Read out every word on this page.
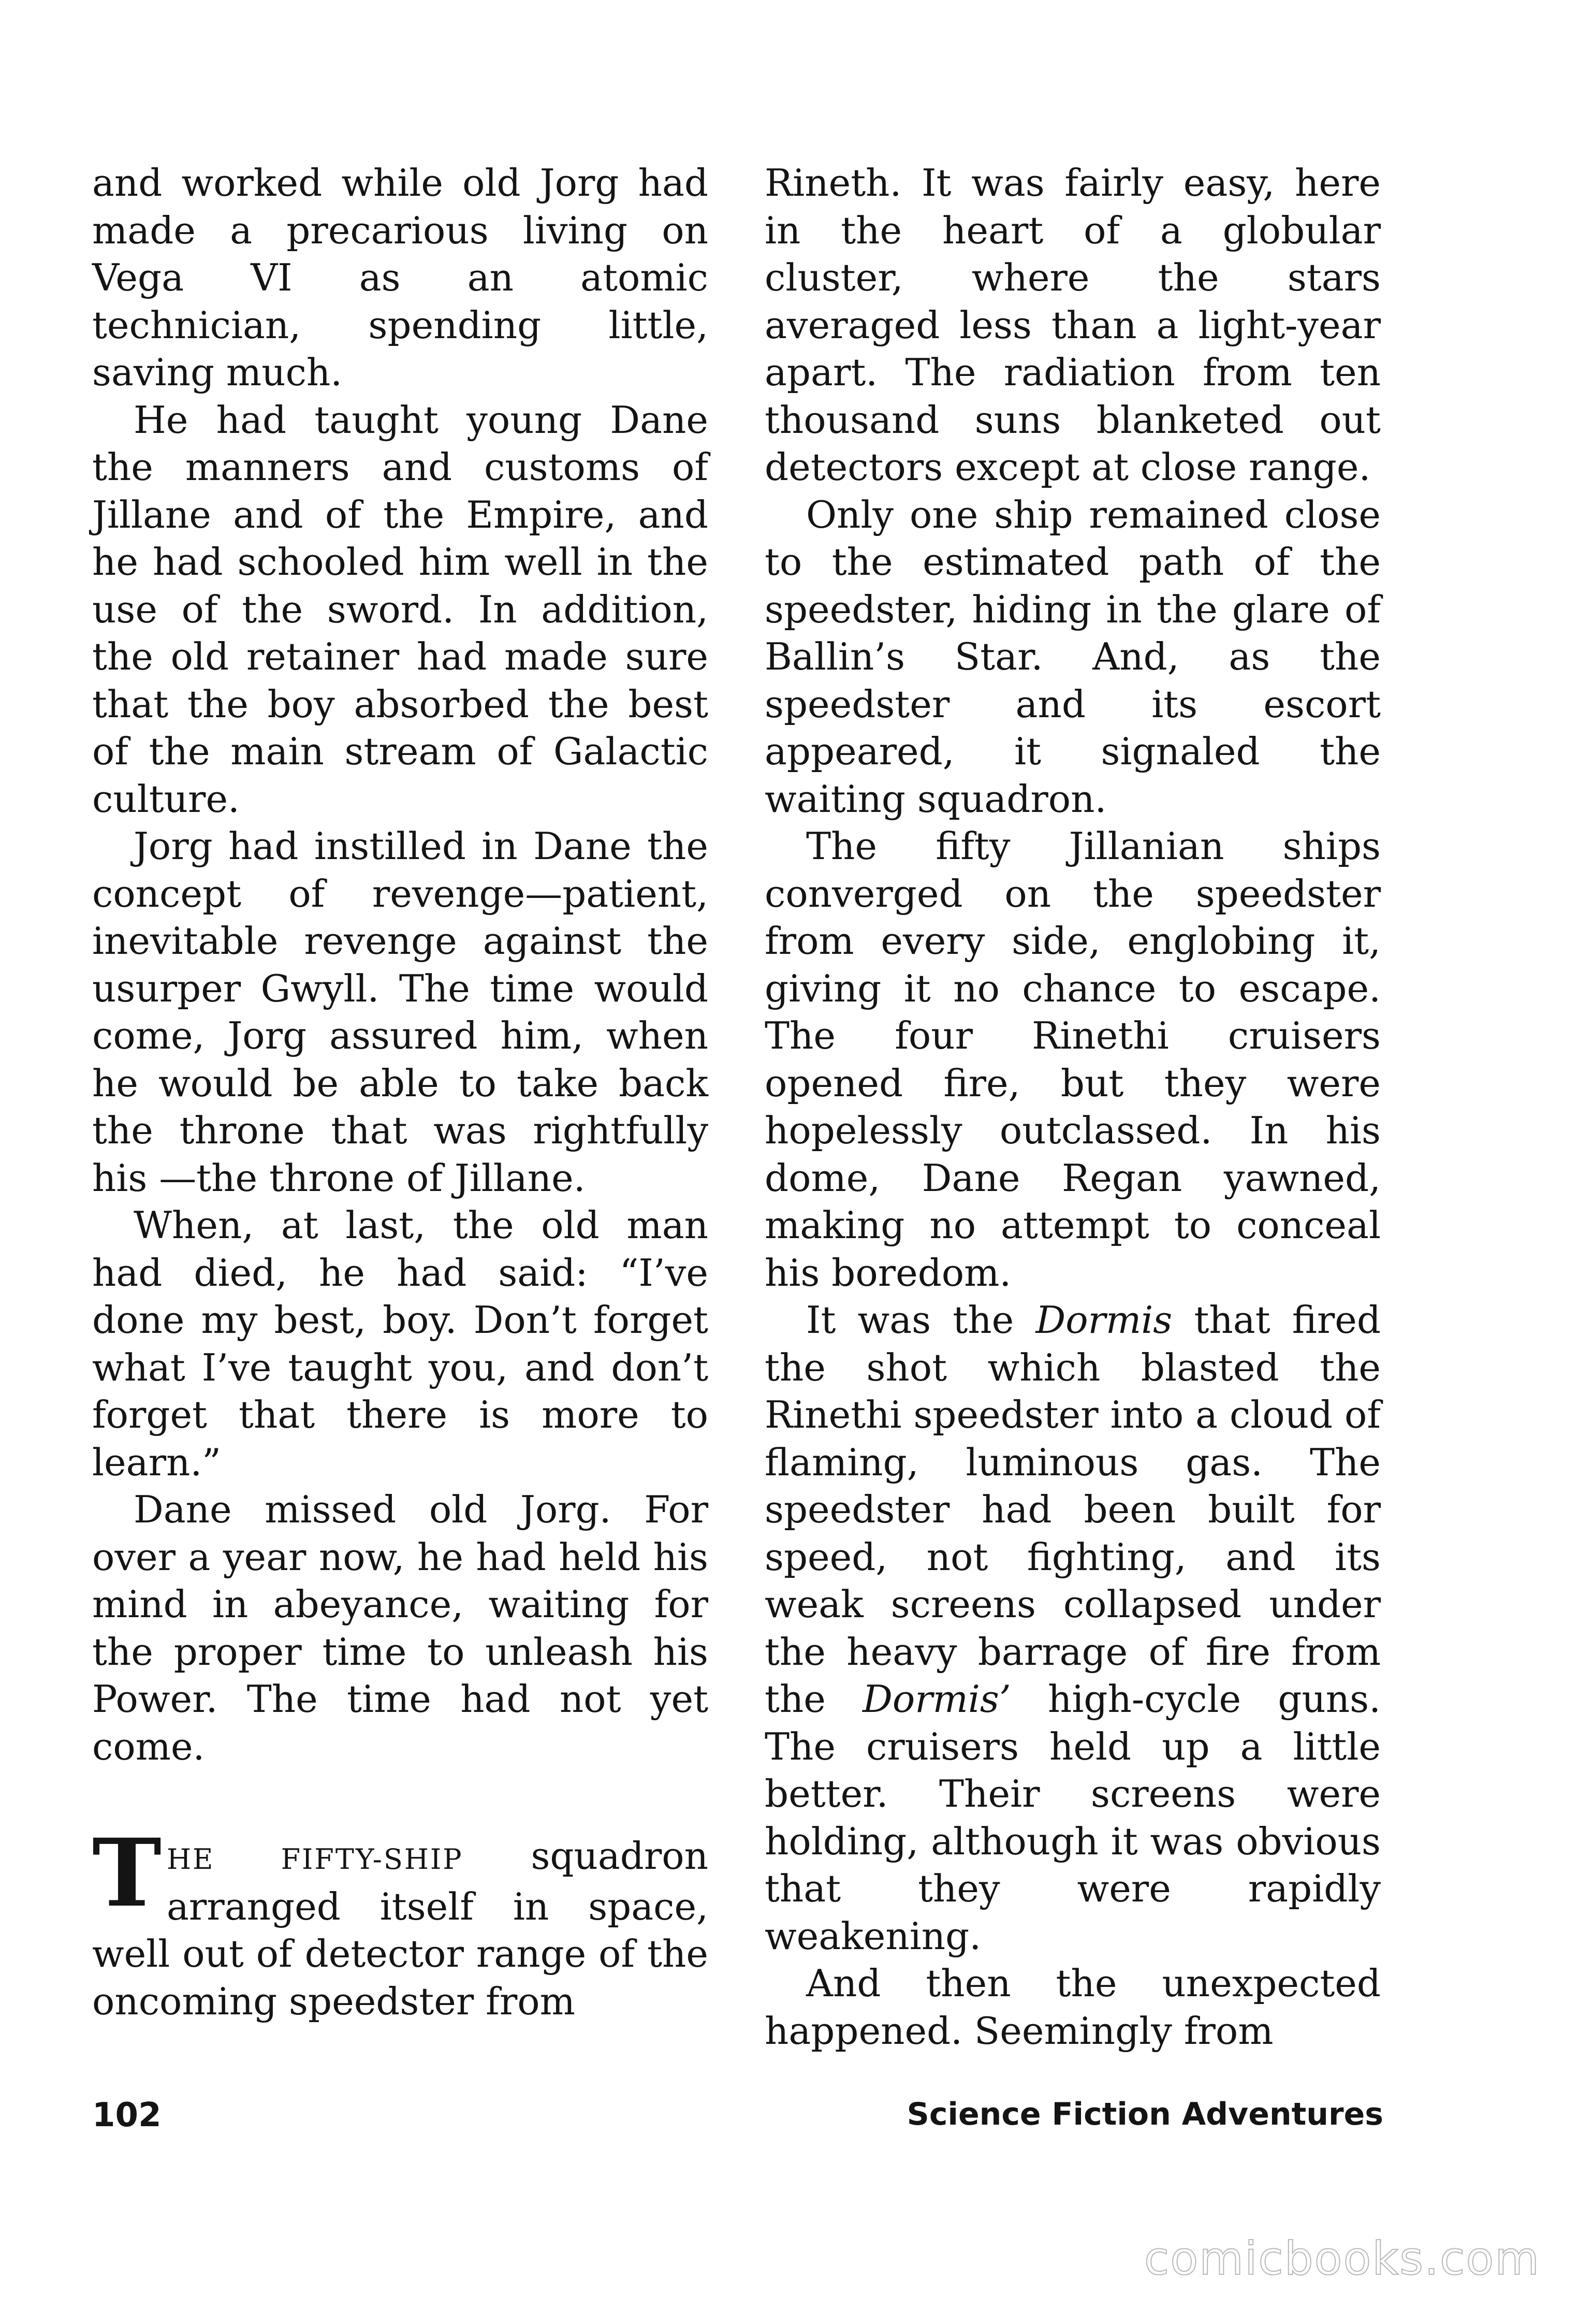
and worked while old Jorg had made a precarious living on Vega VI as an atomic technician, spending little, saving much.

He had taught young Dane the manners and customs of Jillane and of the Empire, and he had schooled him well in the use of the sword. In addition, the old retainer had made sure that the boy absorbed the best of the main stream of Galactic culture.

Jorg had instilled in Dane the concept of revenge—patient, inevitable revenge against the usurper Gwyll. The time would come, Jorg assured him, when he would be able to take back the throne that was rightfully his —the throne of Jillane.

When, at last, the old man had died, he had said: “I’ve done my best, boy. Don’t forget what I’ve taught you, and don’t forget that there is more to learn.”

Dane missed old Jorg. For over a year now, he had held his mind in abeyance, waiting for the proper time to unleash his Power. The time had not yet come.

THE FIFTY-SHIP squadron arranged itself in space, well out of detector range of the oncoming speedster from

Rineth. It was fairly easy, here in the heart of a globular cluster, where the stars averaged less than a light-year apart. The radiation from ten thousand suns blanketed out detectors except at close range.

Only one ship remained close to the estimated path of the speedster, hiding in the glare of Ballin’s Star. And, as the speedster and its escort appeared, it signaled the waiting squadron.

The fifty Jillanian ships converged on the speedster from every side, englobing it, giving it no chance to escape. The four Rinethi cruisers opened fire, but they were hopelessly outclassed. In his dome, Dane Regan yawned, making no attempt to conceal his boredom.

It was the Dormis that fired the shot which blasted the Rinethi speedster into a cloud of flaming, luminous gas. The speedster had been built for speed, not fighting, and its weak screens collapsed under the heavy barrage of fire from the Dormis’ high-cycle guns. The cruisers held up a little better. Their screens were holding, although it was obvious that they were rapidly weakening.

And then the unexpected happened. Seemingly from

102	Science Fiction Adventures
comicbooks.com
